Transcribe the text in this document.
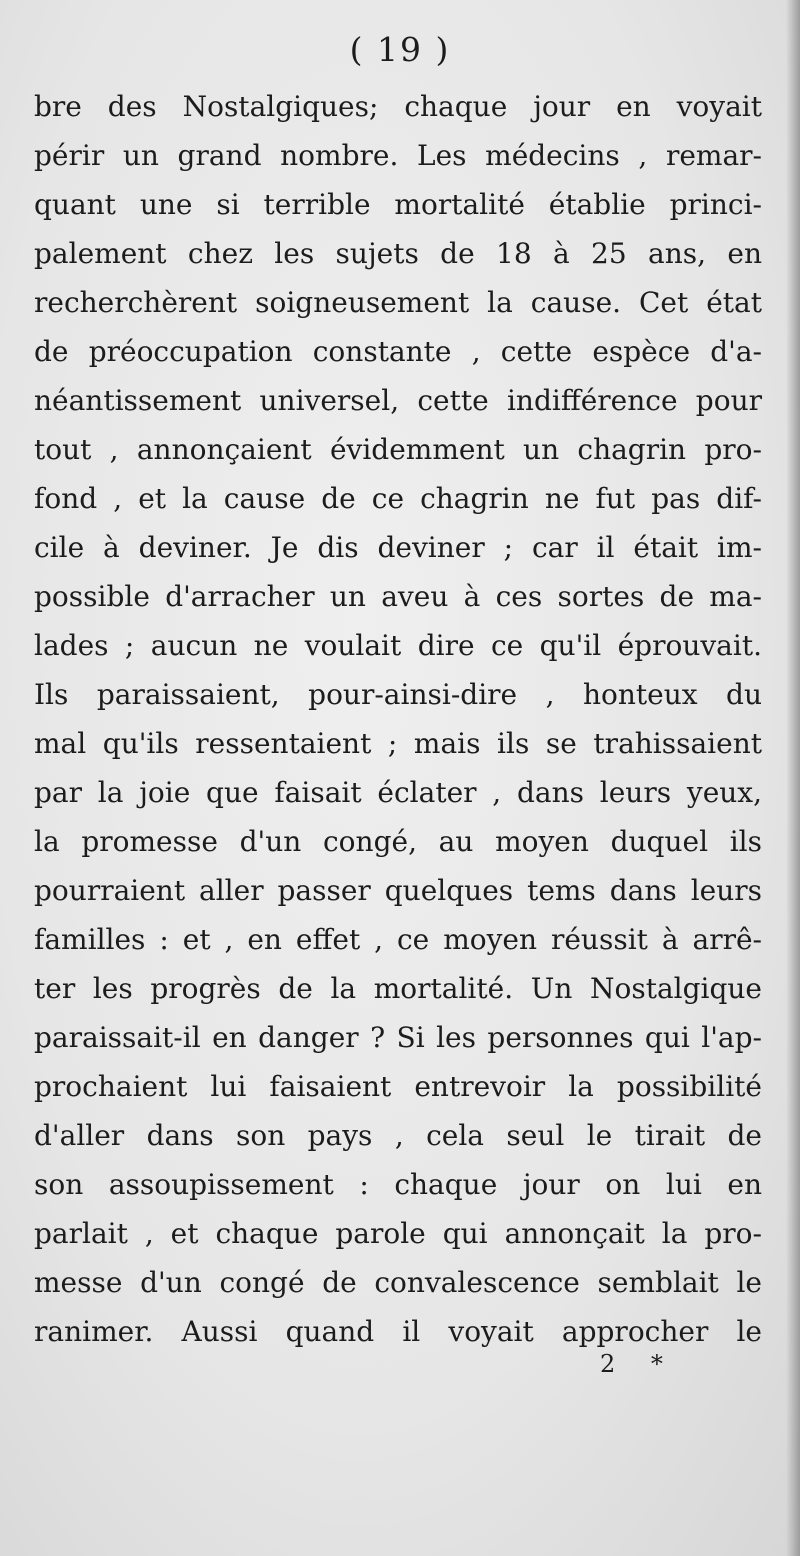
( 19 )
bre des Nostalgiques; chaque jour en voyait
périr un grand nombre. Les médecins , remar-
quant une si terrible mortalité établie princi-
palement chez les sujets de 18 à 25 ans, en
recherchèrent soigneusement la cause. Cet état
de préoccupation constante , cette espèce d'a-
néantissement universel, cette indifférence pour
tout , annonçaient évidemment un chagrin pro-
fond , et la cause de ce chagrin ne fut pas dif-
cile à deviner. Je dis deviner ; car il était im-
possible d'arracher un aveu à ces sortes de ma-
lades ; aucun ne voulait dire ce qu'il éprouvait.
Ils paraissaient, pour-ainsi-dire , honteux du
mal qu'ils ressentaient ; mais ils se trahissaient
par la joie que faisait éclater , dans leurs yeux,
la promesse d'un congé, au moyen duquel ils
pourraient aller passer quelques tems dans leurs
familles : et , en effet , ce moyen réussit à arrê-
ter les progrès de la mortalité. Un Nostalgique
paraissait-il en danger ? Si les personnes qui l'ap-
prochaient lui faisaient entrevoir la possibilité
d'aller dans son pays , cela seul le tirait de
son assoupissement : chaque jour on lui en
parlait , et chaque parole qui annonçait la pro-
messe d'un congé de convalescence semblait le
ranimer. Aussi quand il voyait approcher le
2 *
